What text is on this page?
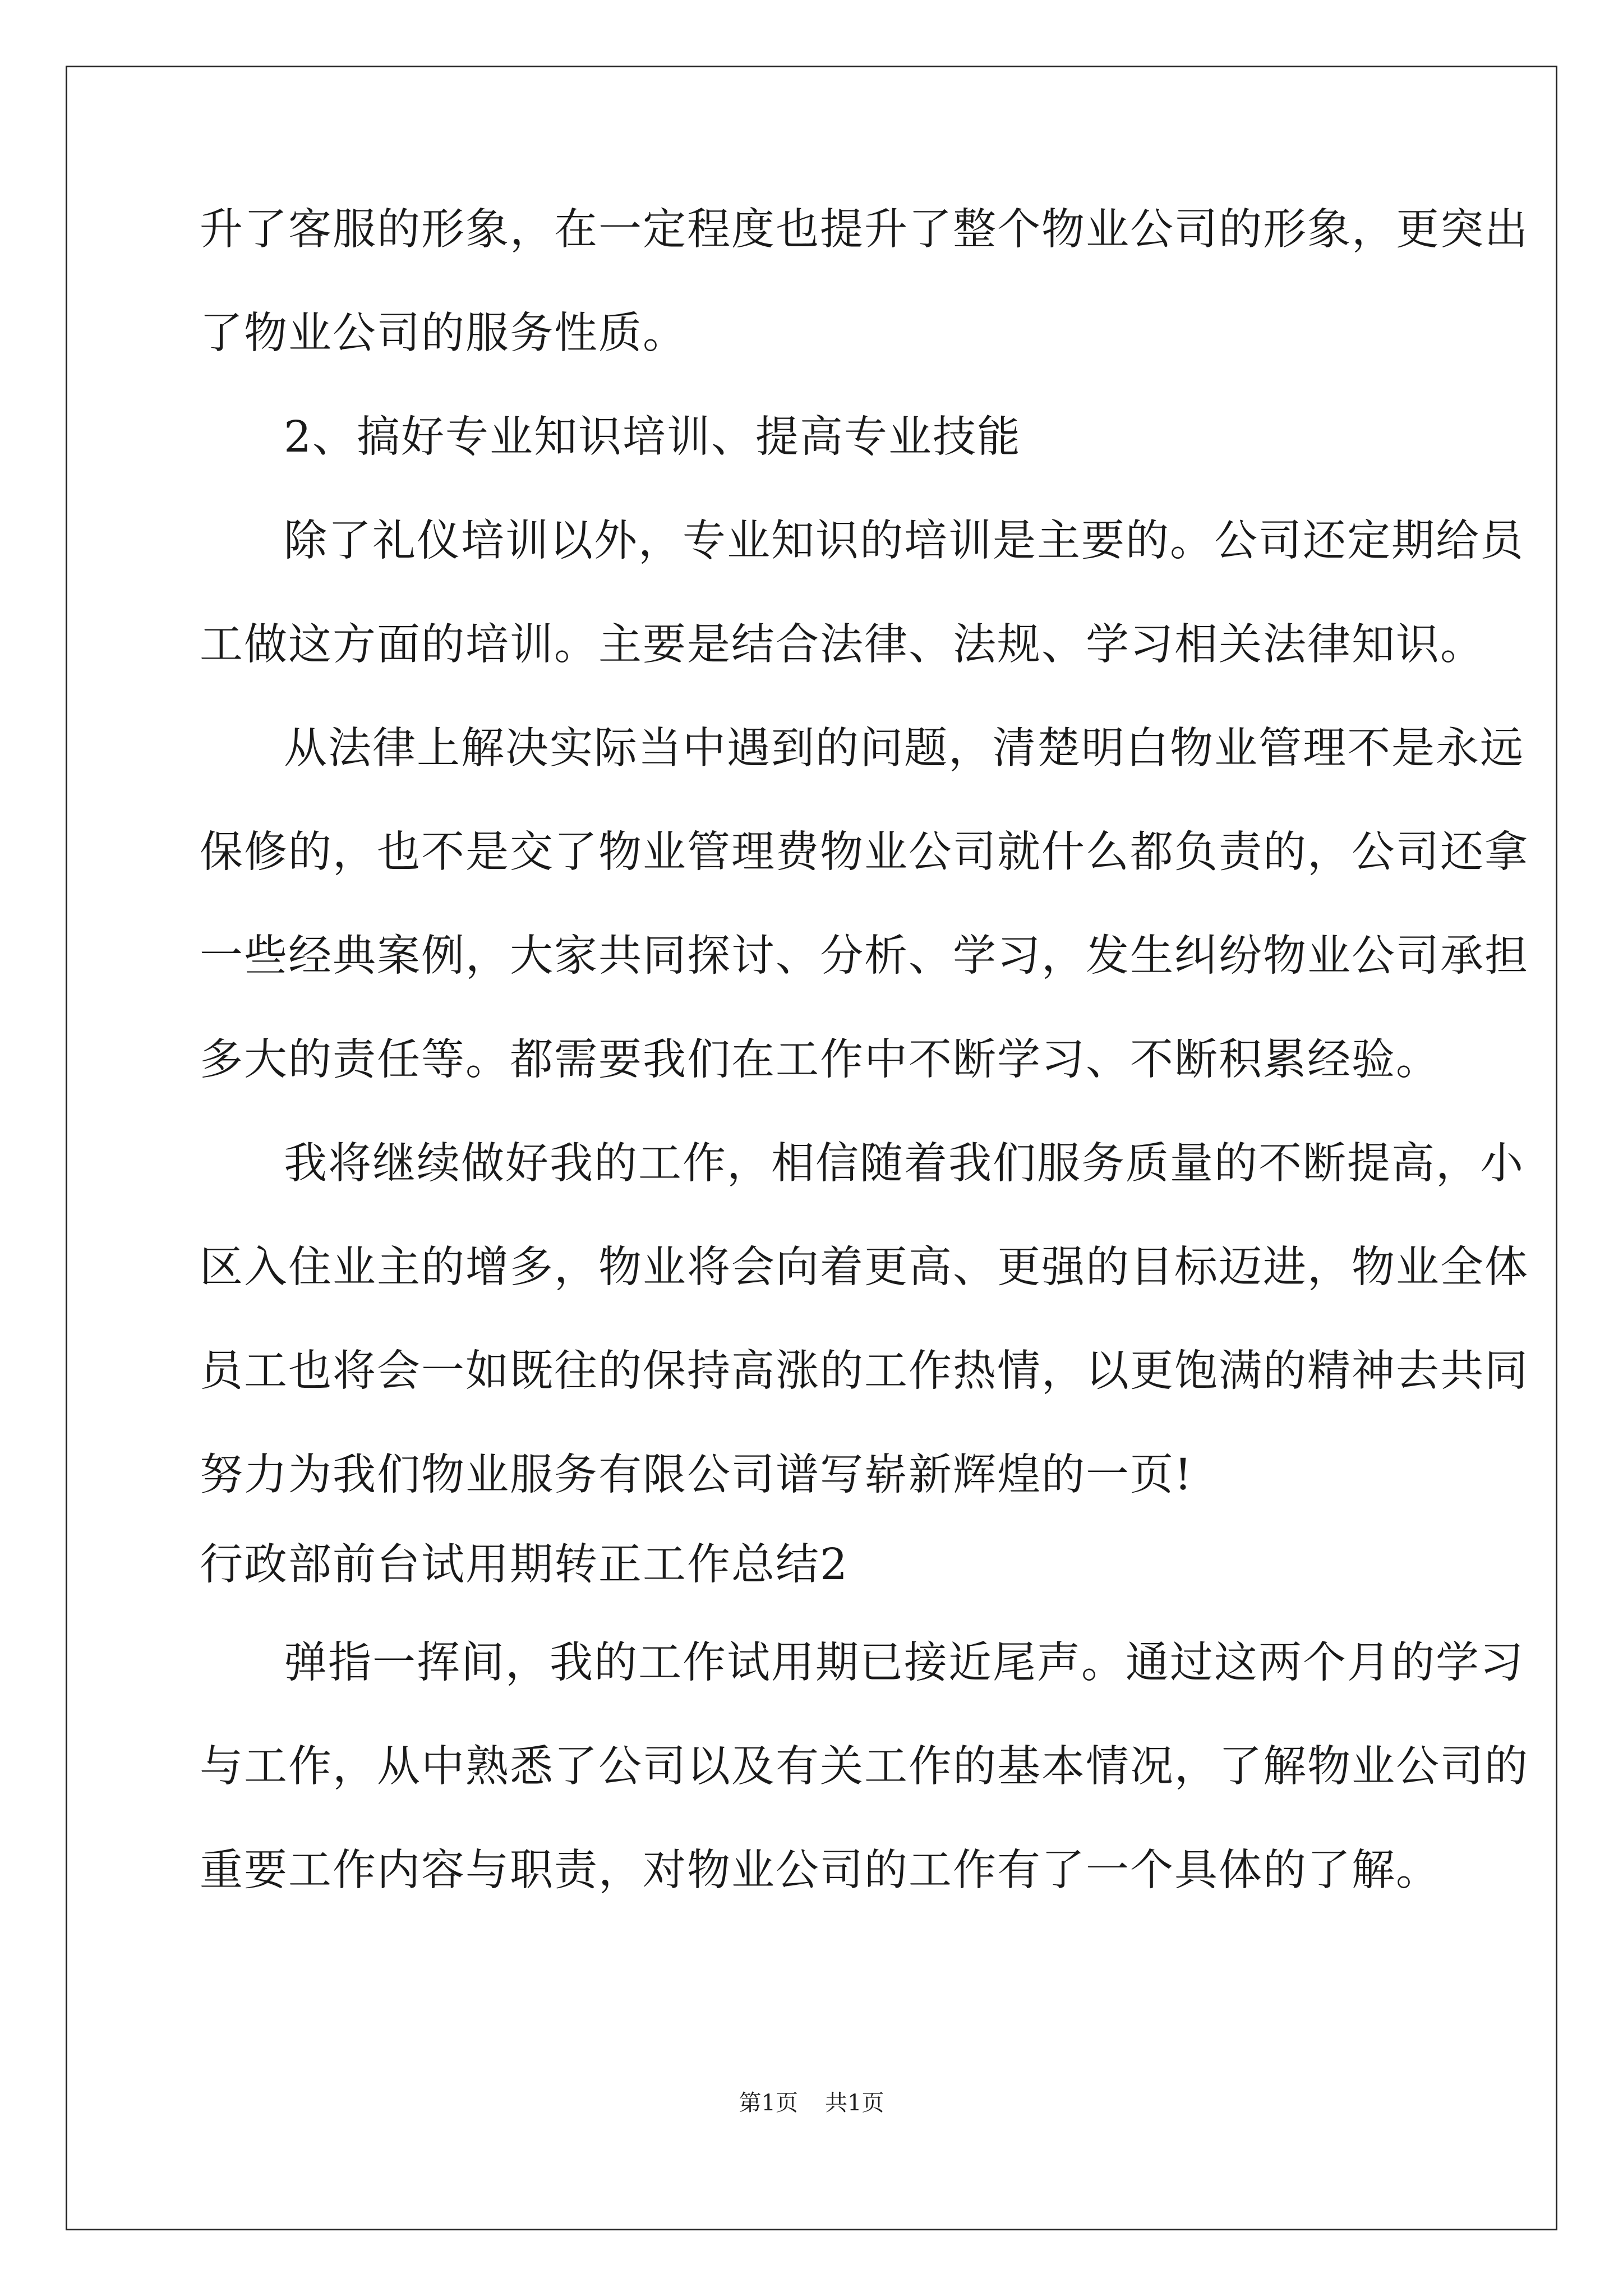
升了客服的形象，在一定程度也提升了整个物业公司的形象，更突出
了物业公司的服务性质。
2、搞好专业知识培训、提高专业技能
除了礼仪培训以外，专业知识的培训是主要的。公司还定期给员
工做这方面的培训。主要是结合法律、法规、学习相关法律知识。
从法律上解决实际当中遇到的问题，清楚明白物业管理不是永远
保修的，也不是交了物业管理费物业公司就什么都负责的，公司还拿
一些经典案例，大家共同探讨、分析、学习，发生纠纷物业公司承担
多大的责任等。都需要我们在工作中不断学习、不断积累经验。
我将继续做好我的工作，相信随着我们服务质量的不断提高，小
区入住业主的增多，物业将会向着更高、更强的目标迈进，物业全体
员工也将会一如既往的保持高涨的工作热情，以更饱满的精神去共同
努力为我们物业服务有限公司谱写崭新辉煌的一页!
行政部前台试用期转正工作总结2
弹指一挥间，我的工作试用期已接近尾声。通过这两个月的学习
与工作，从中熟悉了公司以及有关工作的基本情况，了解物业公司的
重要工作内容与职责，对物业公司的工作有了一个具体的了解。
第1页 共1页
